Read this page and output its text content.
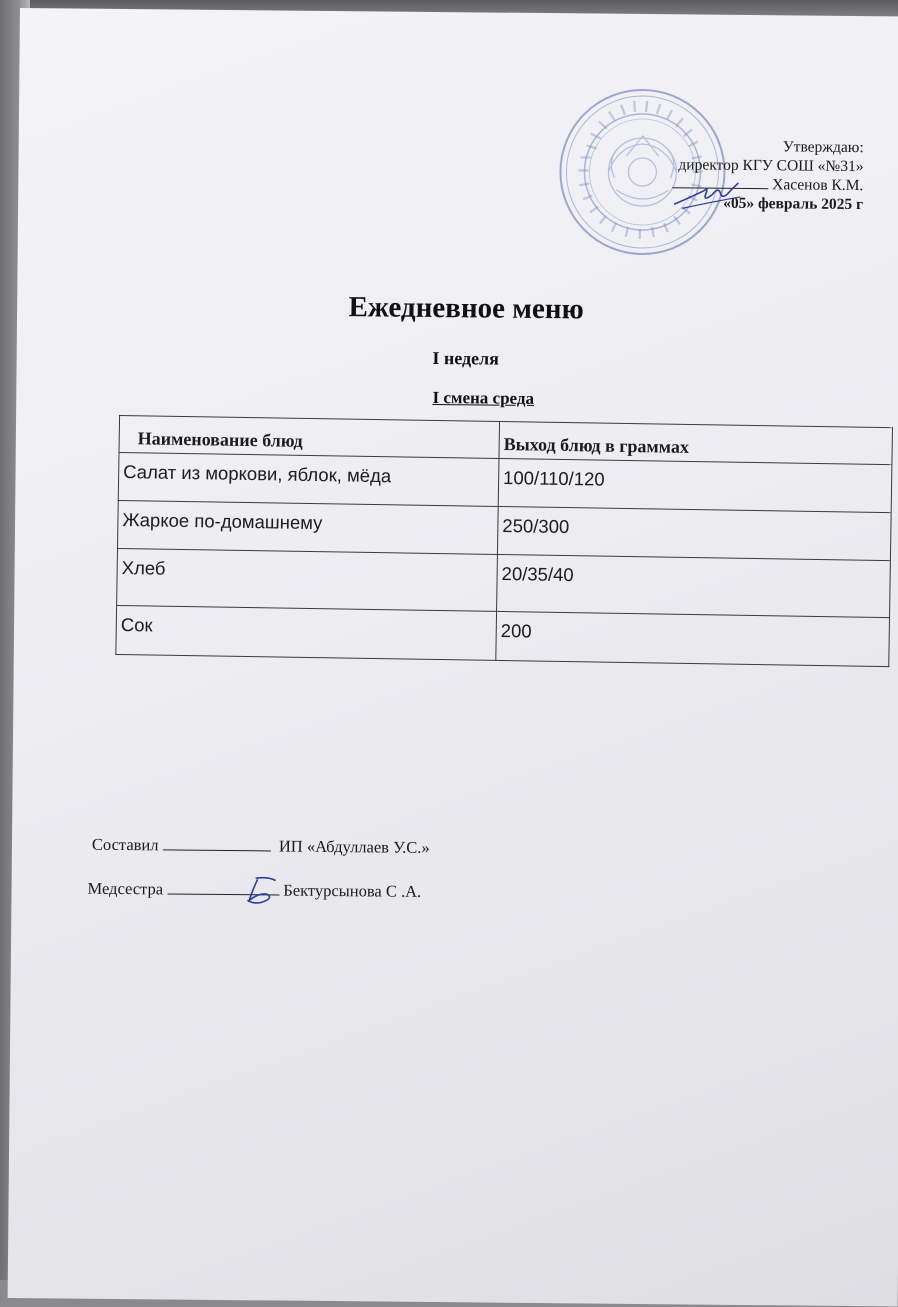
Утверждаю:
директор КГУ СОШ «№31»
Хасенов К.М.
«05» февраль 2025 г
Ежедневное меню
I неделя
I смена среда
Наименование блюд	Выход блюд в граммах
Салат из моркови, яблок, мёда	100/110/120
Жаркое по-домашнему	250/300
Хлеб	20/35/40
Сок	200
Составил	ИП «Абдуллаев У.С.»
Медсестра	Бектурсынова С .А.
